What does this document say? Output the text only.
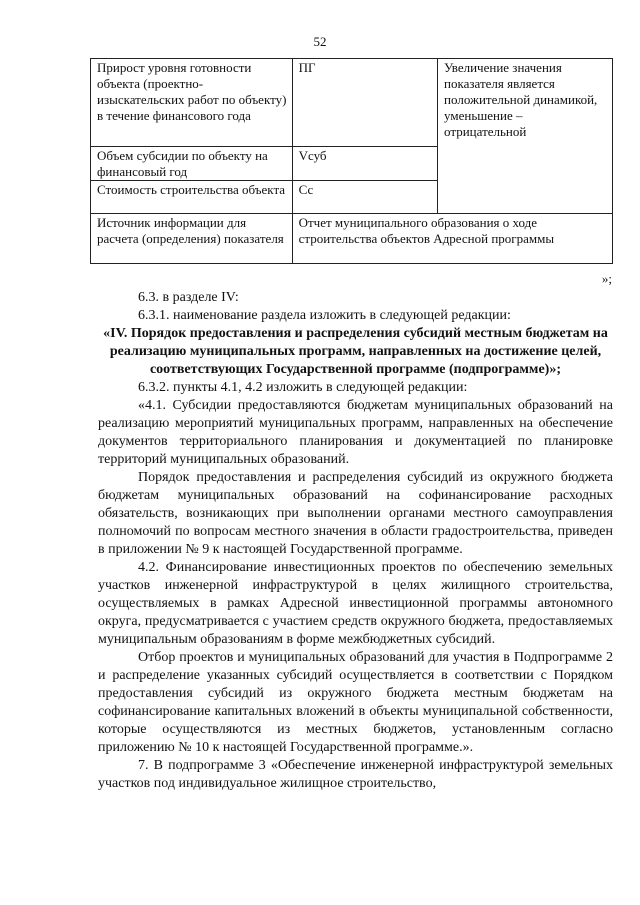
52
Прирост уровня готовности объекта (проектно-изыскательских работ по объекту) в течение финансового года	ПГ	Увеличение значения показателя является положительной динамикой, уменьшение – отрицательной
Объем субсидии по объекту на финансовый год	Vсуб	
Стоимость строительства объекта	Сс	
Источник информации для расчета (определения) показателя	Отчет муниципального образования о ходе строительства объектов Адресной программы	
»;
6.3. в разделе IV:
6.3.1. наименование раздела изложить в следующей редакции:
«IV. Порядок предоставления и распределения субсидий местным бюджетам на реализацию муниципальных программ, направленных на достижение целей, соответствующих Государственной программе (подпрограмме)»;
6.3.2. пункты 4.1, 4.2 изложить в следующей редакции:
«4.1. Субсидии предоставляются бюджетам муниципальных образований на реализацию мероприятий муниципальных программ, направленных на обеспечение документов территориального планирования и документацией по планировке территорий муниципальных образований.
Порядок предоставления и распределения субсидий из окружного бюджета бюджетам муниципальных образований на софинансирование расходных обязательств, возникающих при выполнении органами местного самоуправления полномочий по вопросам местного значения в области градостроительства, приведен в приложении № 9 к настоящей Государственной программе.
4.2. Финансирование инвестиционных проектов по обеспечению земельных участков инженерной инфраструктурой в целях жилищного строительства, осуществляемых в рамках Адресной инвестиционной программы автономного округа, предусматривается с участием средств окружного бюджета, предоставляемых муниципальным образованиям в форме межбюджетных субсидий.
Отбор проектов и муниципальных образований для участия в Подпрограмме 2 и распределение указанных субсидий осуществляется в соответствии с Порядком предоставления субсидий из окружного бюджета местным бюджетам на софинансирование капитальных вложений в объекты муниципальной собственности, которые осуществляются из местных бюджетов, установленным согласно приложению № 10 к настоящей Государственной программе.».
7. В подпрограмме 3 «Обеспечение инженерной инфраструктурой земельных участков под индивидуальное жилищное строительство,
